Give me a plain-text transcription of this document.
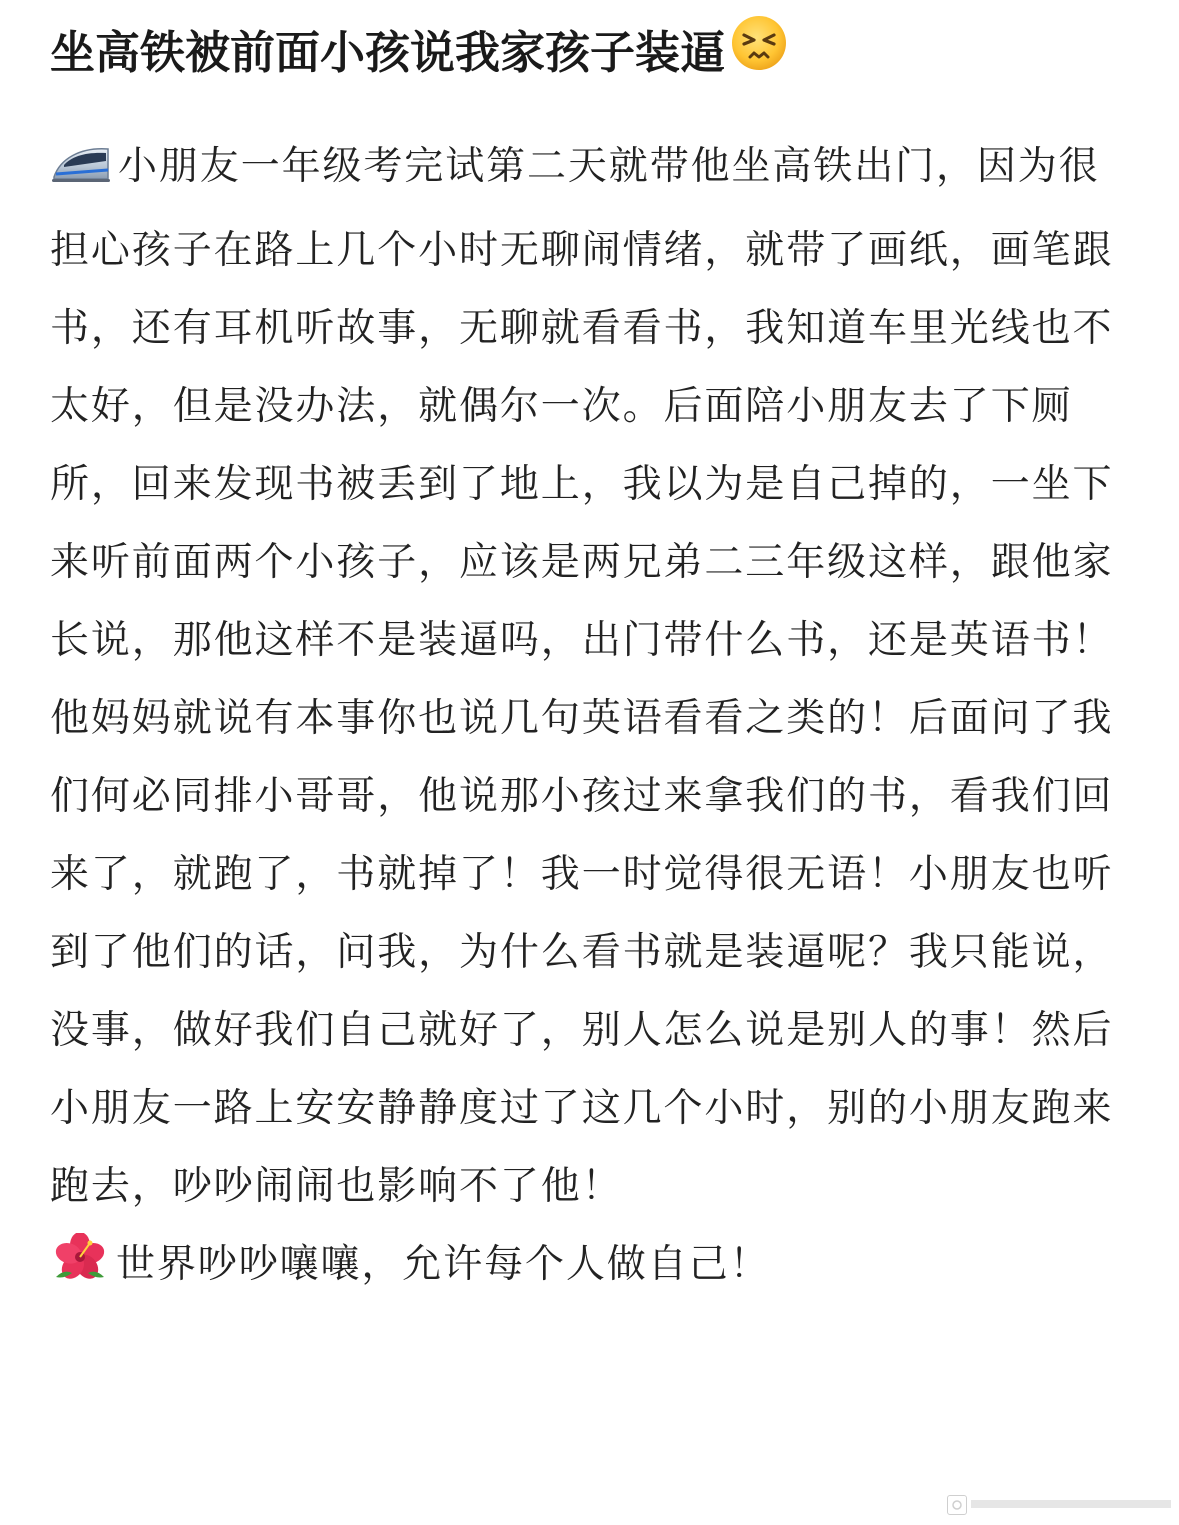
坐高铁被前面小孩说我家孩子装逼
小朋友一年级考完试第二天就带他坐高铁出门，因为很担心孩子在路上几个小时无聊闹情绪，就带了画纸，画笔跟书，还有耳机听故事，无聊就看看书，我知道车里光线也不太好，但是没办法，就偶尔一次。后面陪小朋友去了下厕所，回来发现书被丢到了地上，我以为是自己掉的，一坐下来听前面两个小孩子，应该是两兄弟二三年级这样，跟他家长说，那他这样不是装逼吗，出门带什么书，还是英语书！他妈妈就说有本事你也说几句英语看看之类的！后面问了我们何必同排小哥哥，他说那小孩过来拿我们的书，看我们回来了，就跑了，书就掉了！我一时觉得很无语！小朋友也听到了他们的话，问我，为什么看书就是装逼呢？我只能说，没事，做好我们自己就好了，别人怎么说是别人的事！然后小朋友一路上安安静静度过了这几个小时，别的小朋友跑来跑去，吵吵闹闹也影响不了他！
世界吵吵嚷嚷，允许每个人做自己！
